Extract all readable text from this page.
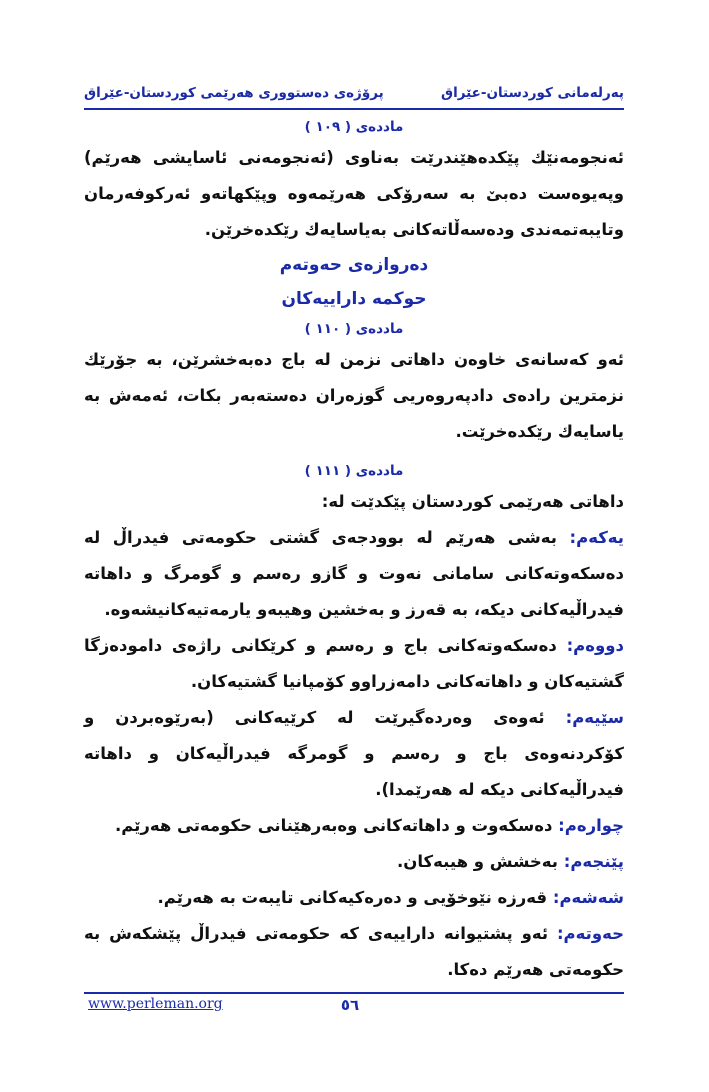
پەرلەمانی کوردستان-عێراق
پرۆژەی دەستووری هەرێمی کوردستان-عێراق
ماددەی ( ١٠٩ )
ئەنجومەنێك پێكدەهێندرێت بەناوی (ئەنجومەنی ئاسایشی هەرێم) وپەیوەست دەبێ بە سەرۆكی هەرێمەوە وپێكهاتەو ئەركوفەرمان وتایبەتمەندی ودەسەڵاتەكانی بەیاسایەك رێكدەخرێن.
دەروازەی حەوتەم
حوكمە داراییەكان
ماددەی ( ١١٠ )
ئەو كەسانەی خاوەن داهاتی نزمن لە باج دەبەخشرێن، بە جۆرێك نزمترین رادەی دادپەروەریی گوزەران دەستەبەر بكات، ئەمەش بە یاسایەك رێكدەخرێت.
ماددەی ( ١١١ )
داهاتی هەرێمی كوردستان پێكدێت لە:
یەكەم: بەشی هەرێم لە بوودجەی گشتی حكومەتی فیدراڵ لە دەسكەوتەكانی سامانی نەوت و گازو رەسم و گومرگ و داهاتە فیدراڵیەكانی دیكە، بە قەرز و بەخشین وهیبەو یارمەتیەكانیشەوە.
دووەم: دەسكەوتەكانی باج و رەسم و كرێكانی راژەی دامودەزگا گشتیەكان و داهاتەكانی دامەزراوو كۆمپانیا گشتیەكان.
سێیەم: ئەوەی وەردەگیرێت لە كرێیەكانی (بەرێوەبردن و كۆكردنەوەی باج و رەسم و گومرگە فیدراڵیەكان و داهاتە فیدراڵیەكانی دیكە لە هەرێمدا).
چوارەم: دەسكەوت و داهاتەكانی وەبەرهێنانی حكومەتی هەرێم.
پێنجەم: بەخشش و هیبەكان.
شەشەم: قەرزە نێوخۆیی و دەرەكیەكانی تایبەت بە هەرێم.
حەوتەم: ئەو پشتیوانە داراییەی كە حكومەتی فیدراڵ پێشكەش بە حكومەتی هەرێم دەكا.
www.perleman.org	٥٦
